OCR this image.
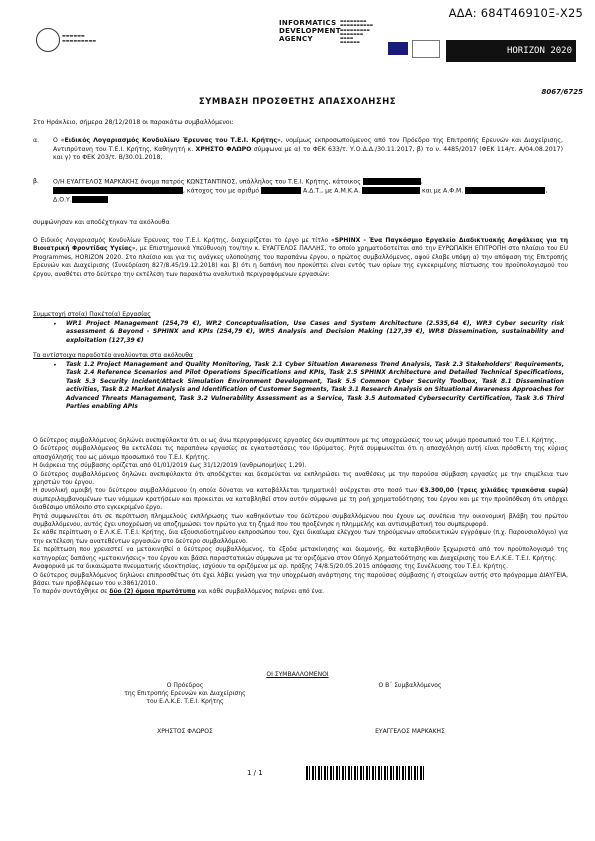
ΑΔΑ: 684Τ46910Ξ-Χ25
▬▬▬▬▬▬
▬▬▬▬▬▬▬▬▬
INFORMATICS
DEVELOPMENT
AGENCY
▬▬▬▬▬▬▬▬
▬▬▬▬▬▬▬▬▬▬
▬▬▬▬▬▬▬▬▬
▬▬▬▬▬▬▬
▬▬▬▬
▬▬▬▬▬▬
HORIZON 2020
8067/6725
ΣΥΜΒΑΣΗ ΠΡΟΣΘΕΤΗΣ ΑΠΑΣΧΟΛΗΣΗΣ
Στο Ηράκλειο, σήμερα 28/12/2018 οι παρακάτω συμβαλλόμενοι:
α. Ο «Ειδικός Λογαριασμός Κονδυλίων Έρευνας του Τ.Ε.Ι. Κρήτης», νομίμως εκπροσωπούμενος από τον Πρόεδρο της Επιτροπής Ερευνών και Διαχείρισης, Αντιπρύτανη του Τ.Ε.Ι. Κρήτης, Καθηγητή κ. ΧΡΗΣΤΟ ΦΛΩΡΟ σύμφωνα με α) το ΦΕΚ 633/τ. Υ.Ο.Δ.Δ./30.11.2017, β) το ν. 4485/2017 (ΦΕΚ 114/τ. Α/04.08.2017) και γ) το ΦΕΚ 203/τ. Β/30.01.2018,
β. Ο/Η ΕΥΑΓΓΕΛΟΣ ΜΑΡΚΑΚΗΣ όνομα πατρός ΚΩΝΣΤΑΝΤΙΝΟΣ, υπάλληλος του Τ.Ε.Ι. Κρήτης, κάτοικος	,
, κάτοχος του με αριθμό	Α.Δ.Τ., με Α.Μ.Κ.Α.	και με Α.Φ.Μ.	,
Δ.Ο.Υ.
συμφώνησαν και αποδέχτηκαν τα ακόλουθα
Ο Ειδικός Λογαριασμός Κονδυλίων Έρευνας του Τ.Ε.Ι. Κρήτης, διαχειρίζεται το έργο με τίτλο «SPHINX - Ένα Παγκόσμιο Εργαλείο Διαδικτυακής Ασφάλειας για τη Βιοιατρική Φροντίδας Υγείας», με Επιστημονικά Υπεύθυνο/η τον/την κ. ΕΥΑΓΓΕΛΟΣ ΠΑΛΛΗΣ, το οποίο χρηματοδοτείται από την ΕΥΡΩΠΑΪΚΗ ΕΠΙΤΡΟΠΗ στο πλαίσιο του EU Programmes, HORIZON 2020. Στο πλαίσιο και για τις ανάγκες υλοποίησης του παραπάνω έργου, ο πρώτος συμβαλλόμενος, αφού έλαβε υπόψη α) την απόφαση της Επιτροπής Ερευνών και Διαχείρισης (Συνεδρίαση 827/8.45/19.12.2018) και β) ότι η δαπάνη που προκύπτει είναι εντός των ορίων της εγκεκριμένης πίστωσης του προϋπολογισμού του έργου, αναθέτει στο δεύτερο την εκτέλεση των παρακάτω αναλυτικά περιγραφόμενων εργασιών:
Συμμετοχή στο(α) Πακέτο(α) Εργασίας
• WP.1 Project Management (254,79 €), WP.2 Conceptualisation, Use Cases and System Architecture (2.535,64 €), WP.3 Cyber security risk assessment & Beyond - SPHINX and KPIs (254,79 €), WP.5 Analysis and Decision Making (127,39 €), WP.8 Dissemination, sustainability and exploitation (127,39 €)
Τα αντίστοιχα παραδοτέα αναλύονται στα ακόλουθα
• Task 1.2 Project Management and Quality Monitoring, Task 2.1 Cyber Situation Awareness Trend Analysis, Task 2.3 Stakeholders' Requirements, Task 2.4 Reference Scenarios and Pilot Operations Specifications and KPIs, Task 2.5 SPHINX Architecture and Detailed Technical Specifications, Task 5.3 Security Incident/Attack Simulation Environment Development, Task 5.5 Common Cyber Security Toolbox, Task 8.1 Dissemination activities, Task 8.2 Market Analysis and Identification of Customer Segments, Task 3.1 Research Analysis on Situational Awareness Approaches for Advanced Threats Management, Task 3.2 Vulnerability Assessment as a Service, Task 3.5 Automated Cybersecurity Certification, Task 3.6 Third Parties enabling APIs
Ο δεύτερος συμβαλλόμενος δηλώνει ανεπιφύλακτα ότι οι ως άνω περιγραφόμενες εργασίες δεν συμπίπτουν με τις υποχρεώσεις του ως μόνιμο προσωπικό του Τ.Ε.Ι. Κρήτης.
Ο δεύτερος συμβαλλόμενος θα εκτελέσει τις παραπάνω εργασίες σε εγκαταστάσεις του Ιδρύματος. Ρητά συμφωνείται ότι η απασχόληση αυτή είναι πρόσθετη της κύριας απασχόλησής του ως μόνιμο προσωπικό του Τ.Ε.Ι. Κρήτης.
Η διάρκεια της σύμβασης ορίζεται από 01/01/2019 έως 31/12/2019 (ανθρωπομήνες 1,29).
Ο δεύτερος συμβαλλόμενος δηλώνει ανεπιφύλακτα ότι αποδέχεται και δεσμεύεται να εκπληρώσει τις αναθέσεις με την παρούσα σύμβαση εργασίες με την επιμέλεια των χρηστών του έργου.
Η συνολική αμοιβή του δεύτερου συμβαλλόμενου (η οποία δύναται να καταβάλλεται τμηματικά) ανέρχεται στο ποσό των €3.300,00 (τρεις χιλιάδες τριακόσια ευρώ) συμπεριλαμβανομένων των νόμιμων κρατήσεων και προκειται να καταβληθεί στον αυτόν σύμφωνα με τη ροή χρηματοδότησης του έργου και με την προϋπόθεση ότι υπάρχει διαθέσιμο υπόλοιπο στο εγκεκριμένο έργο.
Ρητά συμφωνείται ότι σε περίπτωση πλημμελούς εκπλήρωσης των καθηκόντων του δεύτερου συμβαλλόμενου που έχουν ως συνέπεια την οικονομική βλάβη του πρώτου συμβαλλόμενου, αυτός έχει υποχρέωση να αποζημιώσει τον πρώτο για τη ζημιά που του προξένησε η πλημμελής και αντισυμβατική του συμπεριφορά.
Σε κάθε περίπτωση ο Ε.Λ.Κ.Ε. Τ.Ε.Ι. Κρήτης, δια εξουσιοδοτημένου εκπροσώπου του, έχει δικαίωμα ελέγχου των τηρούμενων αποδεικτικών εγγράφων (π.χ. Παρουσιολόγιο) για την εκτέλεση των ανατεθέντων εργασιών στο δεύτερο συμβαλλόμενο.
Σε περίπτωση που χρειαστεί να μετακινηθεί ο δεύτερος συμβαλλόμενος, τα έξοδα μετακίνησης και διαμονής, θα καταβληθούν ξεχωριστά από τον προϋπολογισμό της κατηγορίας δαπάνης «μετακινήσεις» του έργου και βάσει παραστατικών σύμφωνα με τα οριζόμενα στον Οδηγό Χρηματοδότησης και Διαχείρισης του Ε.Λ.Κ.Ε. Τ.Ε.Ι. Κρήτης.
Αναφορικά με τα δικαιώματα πνευματικής ιδιοκτησίας, ισχύουν τα οριζόμενα με αρ. πράξης 74/8.5/20.05.2015 απόφασης της Συνέλευσης του Τ.Ε.Ι. Κρήτης.
Ο δεύτερος συμβαλλόμενος δηλώνει επιπροσθέτως ότι έχει λάβει γνώση για την υποχρέωση ανάρτησης της παρούσας σύμβασης ή στοιχείων αυτής στο πρόγραμμα ΔΙΑΥΓΕΙΑ, βάσει των προβλέψεων του ν.3861/2010.
Το παρόν συντάχθηκε σε δύο (2) όμοια πρωτότυπα και κάθε συμβαλλόμενος παίρνει από ένα.
ΟΙ ΣΥΜΒΑΛΛΟΜΕΝΟΙ
Ο Πρόεδρος
της Επιτροπής Ερευνών και Διαχείρισης
του Ε.Λ.Κ.Ε. Τ.Ε.Ι. Κρήτης
Ο Β΄ Συμβαλλόμενος
ΧΡΗΣΤΟΣ ΦΛΩΡΟΣ	ΕΥΑΓΓΕΛΟΣ ΜΑΡΚΑΚΗΣ
1 / 1
